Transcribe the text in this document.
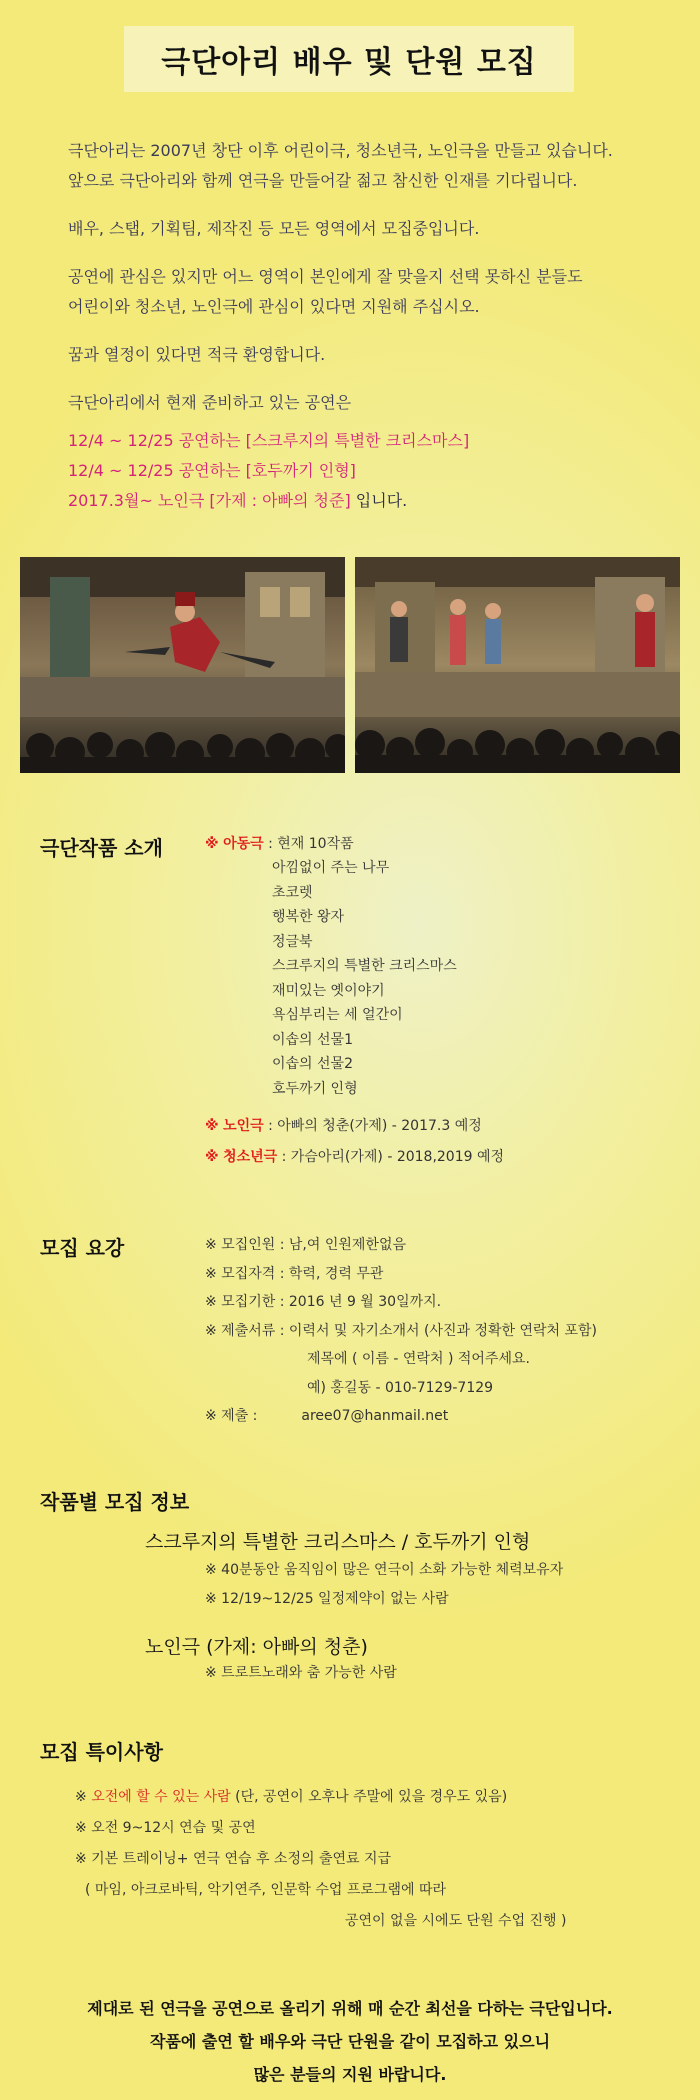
극단아리 배우 및 단원 모집

극단아리는 2007년 창단 이후 어린이극, 청소년극, 노인극을 만들고 있습니다.

앞으로 극단아리와 함께 연극을 만들어갈 젊고 참신한 인재를 기다립니다.

배우, 스탭, 기획팀, 제작진 등 모든 영역에서 모집중입니다.

공연에 관심은 있지만 어느 영역이 본인에게 잘 맞을지 선택 못하신 분들도

어린이와 청소년, 노인극에 관심이 있다면 지원해 주십시오.

꿈과 열정이 있다면 적극 환영합니다.

극단아리에서 현재 준비하고 있는 공연은

12/4 ~ 12/25 공연하는 [스크루지의 특별한 크리스마스]

12/4 ~ 12/25 공연하는 [호두까기 인형]

2017.3월~ 노인극 [가제 : 아빠의 청준] 입니다.

극단작품 소개	※ 아동극 : 현재 10작품
아낌없이 주는 나무
초코렛
행복한 왕자
정글북
스크루지의 특별한 크리스마스
재미있는 옛이야기
욕심부리는 세 얼간이
이솝의 선물1
이솝의 선물2
호두까기 인형
※ 노인극 : 아빠의 청춘(가제) - 2017.3 예정
※ 청소년극 : 가슴아리(가제) - 2018,2019 예정
모집 요강	※ 모집인원 : 남,여 인원제한없음
※ 모집자격 : 학력, 경력 무관
※ 모집기한 : 2016 년 9 월 30일까지.
※ 제출서류 : 이력서 및 자기소개서 (사진과 정확한 연락처 포함)
제목에 ( 이름 - 연락처 ) 적어주세요.
예) 홍길동 - 010-7129-7129
※ 제출 :	aree07@hanmail.net
작품별 모집 정보
스크루지의 특별한 크리스마스 / 호두까기 인형
※ 40분동안 움직임이 많은 연극이 소화 가능한 체력보유자
※ 12/19~12/25 일정제약이 없는 사람
노인극 (가제: 아빠의 청춘)
※ 트로트노래와 춤 가능한 사람
모집 특이사항
※ 오전에 할 수 있는 사람 (단, 공연이 오후나 주말에 있을 경우도 있음)
※ 오전 9~12시 연습 및 공연
※ 기본 트레이닝+ 연극 연습 후 소정의 출연료 지급
( 마임, 아크로바틱, 악기연주, 인문학 수업 프로그램에 따라
공연이 없을 시에도 단원 수업 진행 )
제대로 된 연극을 공연으로 올리기 위해 매 순간 최선을 다하는 극단입니다.
작품에 출연 할 배우와 극단 단원을 같이 모집하고 있으니
많은 분들의 지원 바랍니다.
